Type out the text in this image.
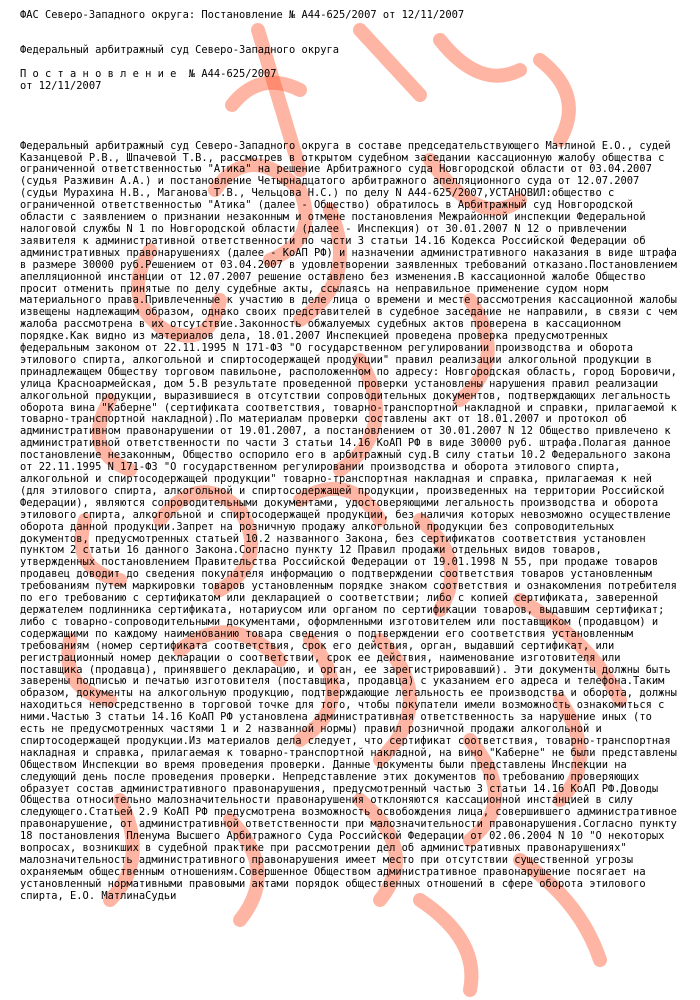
ФАС Северо-Западного округа: Постановление № А44-625/2007 от 12/11/2007

Федеральный арбитражный суд Северо-Западного округа

П о с т а н о в л е н и е  № А44-625/2007

от 12/11/2007

Федеральный арбитражный суд Северо-Западного округа в составе председательствующего Матлиной Е.О., судей Казанцевой Р.В., Шпачевой Т.В., рассмотрев в открытом судебном заседании кассационную жалобу общества с ограниченной ответственностью "Атика" на решение Арбитражного суда Новгородской области от 03.04.2007 (судья Разживин А.А.) и постановление Четырнадцатого арбитражного апелляционного суда от 12.07.2007 (судьи Мурахина Н.В., Маганова Т.В., Чельцова Н.С.) по делу N А44-625/2007,УСТАНОВИЛ:общество с ограниченной ответственностью "Атика" (далее - Общество) обратилось в Арбитражный суд Новгородской области с заявлением о признании незаконным и отмене постановления Межрайонной инспекции Федеральной налоговой службы N 1 по Новгородской области (далее - Инспекция) от 30.01.2007 N 12 о привлечении заявителя к административной ответственности по части 3 статьи 14.16 Кодекса Российской Федерации об административных правонарушениях (далее - КоАП РФ) и назначении административного наказания в виде штрафа в размере 30000 руб.Решением от 03.04.2007 в удовлетворении заявленных требований отказано.Постановлением апелляционной инстанции от 12.07.2007 решение оставлено без изменения.В кассационной жалобе Общество просит отменить принятые по делу судебные акты, ссылаясь на неправильное применение судом норм материального права.Привлеченные к участию в деле лица о времени и месте рассмотрения кассационной жалобы извещены надлежащим образом, однако своих представителей в судебное заседание не направили, в связи с чем жалоба рассмотрена в их отсутствие.Законность обжалуемых судебных актов проверена в кассационном порядке.Как видно из материалов дела, 18.01.2007 Инспекцией проведена проверка предусмотренных федеральным законом от 22.11.1995 N 171-ФЗ "О государственном регулировании производства и оборота этилового спирта, алкогольной и спиртосодержащей продукции" правил реализации алкогольной продукции в принадлежащем Обществу торговом павильоне, расположенном по адресу: Новгородская область, город Боровичи, улица Красноармейская, дом 5.В результате проведенной проверки установлены нарушения правил реализации алкогольной продукции, выразившиеся в отсутствии сопроводительных документов, подтверждающих легальность оборота вина "Каберне" (сертификата соответствия, товарно-транспортной накладной и справки, прилагаемой к товарно-транспортной накладной).По материалам проверки составлены акт от 18.01.2007 и протокол об административном правонарушении от 19.01.2007, а постановлением от 30.01.2007 N 12 Общество привлечено к административной ответственности по части 3 статьи 14.16 КоАП РФ в виде 30000 руб. штрафа.Полагая данное постановление незаконным, Общество оспорило его в арбитражный суд.В силу статьи 10.2 Федерального закона от 22.11.1995 N 171-ФЗ "О государственном регулировании производства и оборота этилового спирта, алкогольной и спиртосодержащей продукции" товарно-транспортная накладная и справка, прилагаемая к ней (для этилового спирта, алкогольной и спиртосодержащей продукции, произведенных на территории Российской Федерации), являются сопроводительными документами, удостоверяющими легальность производства и оборота этилового спирта, алкогольной и спиртосодержащей продукции, без наличия которых невозможно осуществление оборота данной продукции.Запрет на розничную продажу алкогольной продукции без сопроводительных документов, предусмотренных статьей 10.2 названного Закона, без сертификатов соответствия установлен пунктом 2 статьи 16 данного Закона.Согласно пункту 12 Правил продажи отдельных видов товаров, утвержденных постановлением Правительства Российской Федерации от 19.01.1998 N 55, при продаже товаров продавец доводит до сведения покупателя информацию о подтверждении соответствия товаров установленным требованиям путем маркировки товаров установленным порядке знаком соответствия и ознакомления потребителя по его требованию с сертификатом или декларацией о соответствии; либо с копией сертификата, заверенной держателем подлинника сертификата, нотариусом или органом по сертификации товаров, выдавшим сертификат; либо с товарно-сопроводительными документами, оформленными изготовителем или поставщиком (продавцом) и содержащими по каждому наименованию товара сведения о подтверждении его соответствия установленным требованиям (номер сертификата соответствия, срок его действия, орган, выдавший сертификат, или регистрационный номер декларации о соответствии, срок ее действия, наименование изготовителя или поставщика (продавца), принявшего декларацию, и орган, ее зарегистрировавший). Эти документы должны быть заверены подписью и печатью изготовителя (поставщика, продавца) с указанием его адреса и телефона.Таким образом, документы на алкогольную продукцию, подтверждающие легальность ее производства и оборота, должны находиться непосредственно в торговой точке для того, чтобы покупатели имели возможность ознакомиться с ними.Частью 3 статьи 14.16 КоАП РФ установлена административная ответственность за нарушение иных (то есть не предусмотренных частями 1 и 2 названной нормы) правил розничной продажи алкогольной и спиртосодержащей продукции.Из материалов дела следует, что сертификат соответствия, товарно-транспортная накладная и справка, прилагаемая к товарно-транспортной накладной, на вино "Каберне" не были представлены Обществом Инспекции во время проведения проверки. Данные документы были представлены Инспекции на следующий день после проведения проверки. Непредставление этих документов по требованию проверяющих образует состав административного правонарушения, предусмотренный частью 3 статьи 14.16 КоАП РФ.Доводы Общества относительно малозначительности правонарушения отклоняются кассационной инстанцией в силу следующего.Статьей 2.9 КоАП РФ предусмотрена возможность освобождения лица, совершившего административное правонарушение, от административной ответственности при малозначительности правонарушения.Согласно пункту 18 постановления Пленума Высшего Арбитражного Суда Российской Федерации от 02.06.2004 N 10 "О некоторых вопросах, возникших в судебной практике при рассмотрении дел об административных правонарушениях" малозначительность административного правонарушения имеет место при отсутствии существенной угрозы охраняемым общественным отношениям.Совершенное Обществом административное правонарушение посягает на установленный нормативными правовыми актами порядок общественных отношений в сфере оборота этилового спирта, Е.О. МатлинаСудьи
